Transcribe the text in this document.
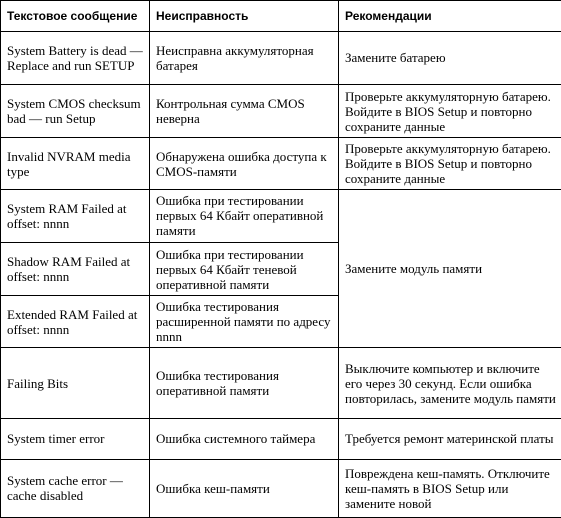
Текстовое сообщение	Неисправность	Рекомендации
System Battery is dead — Replace and run SETUP	Неисправна аккумуляторная батарея	Замените батарею
System CMOS checksum bad — run Setup	Контрольная сумма CMOS неверна	Проверьте аккумуляторную батарею. Войдите в BIOS Setup и повторно сохраните данные
Invalid NVRAM media type	Обнаружена ошибка доступа к CMOS-памяти	Проверьте аккумуляторную батарею. Войдите в BIOS Setup и повторно сохраните данные
System RAM Failed at offset: nnnn	Ошибка при тестировании первых 64 Кбайт оперативной памяти	Замените модуль памяти
Shadow RAM Failed at offset: nnnn	Ошибка при тестировании первых 64 Кбайт теневой оперативной памяти	
Extended RAM Failed at offset: nnnn	Ошибка тестирования расширенной памяти по адресу nnnn	
Failing Bits	Ошибка тестирования оперативной памяти	Выключите компьютер и включите его через 30 секунд. Если ошибка повторилась, замените модуль памяти
System timer error	Ошибка системного таймера	Требуется ремонт материнской платы
System cache error — cache disabled	Ошибка кеш-памяти	Повреждена кеш-память. Отключите кеш-память в BIOS Setup или замените новой
